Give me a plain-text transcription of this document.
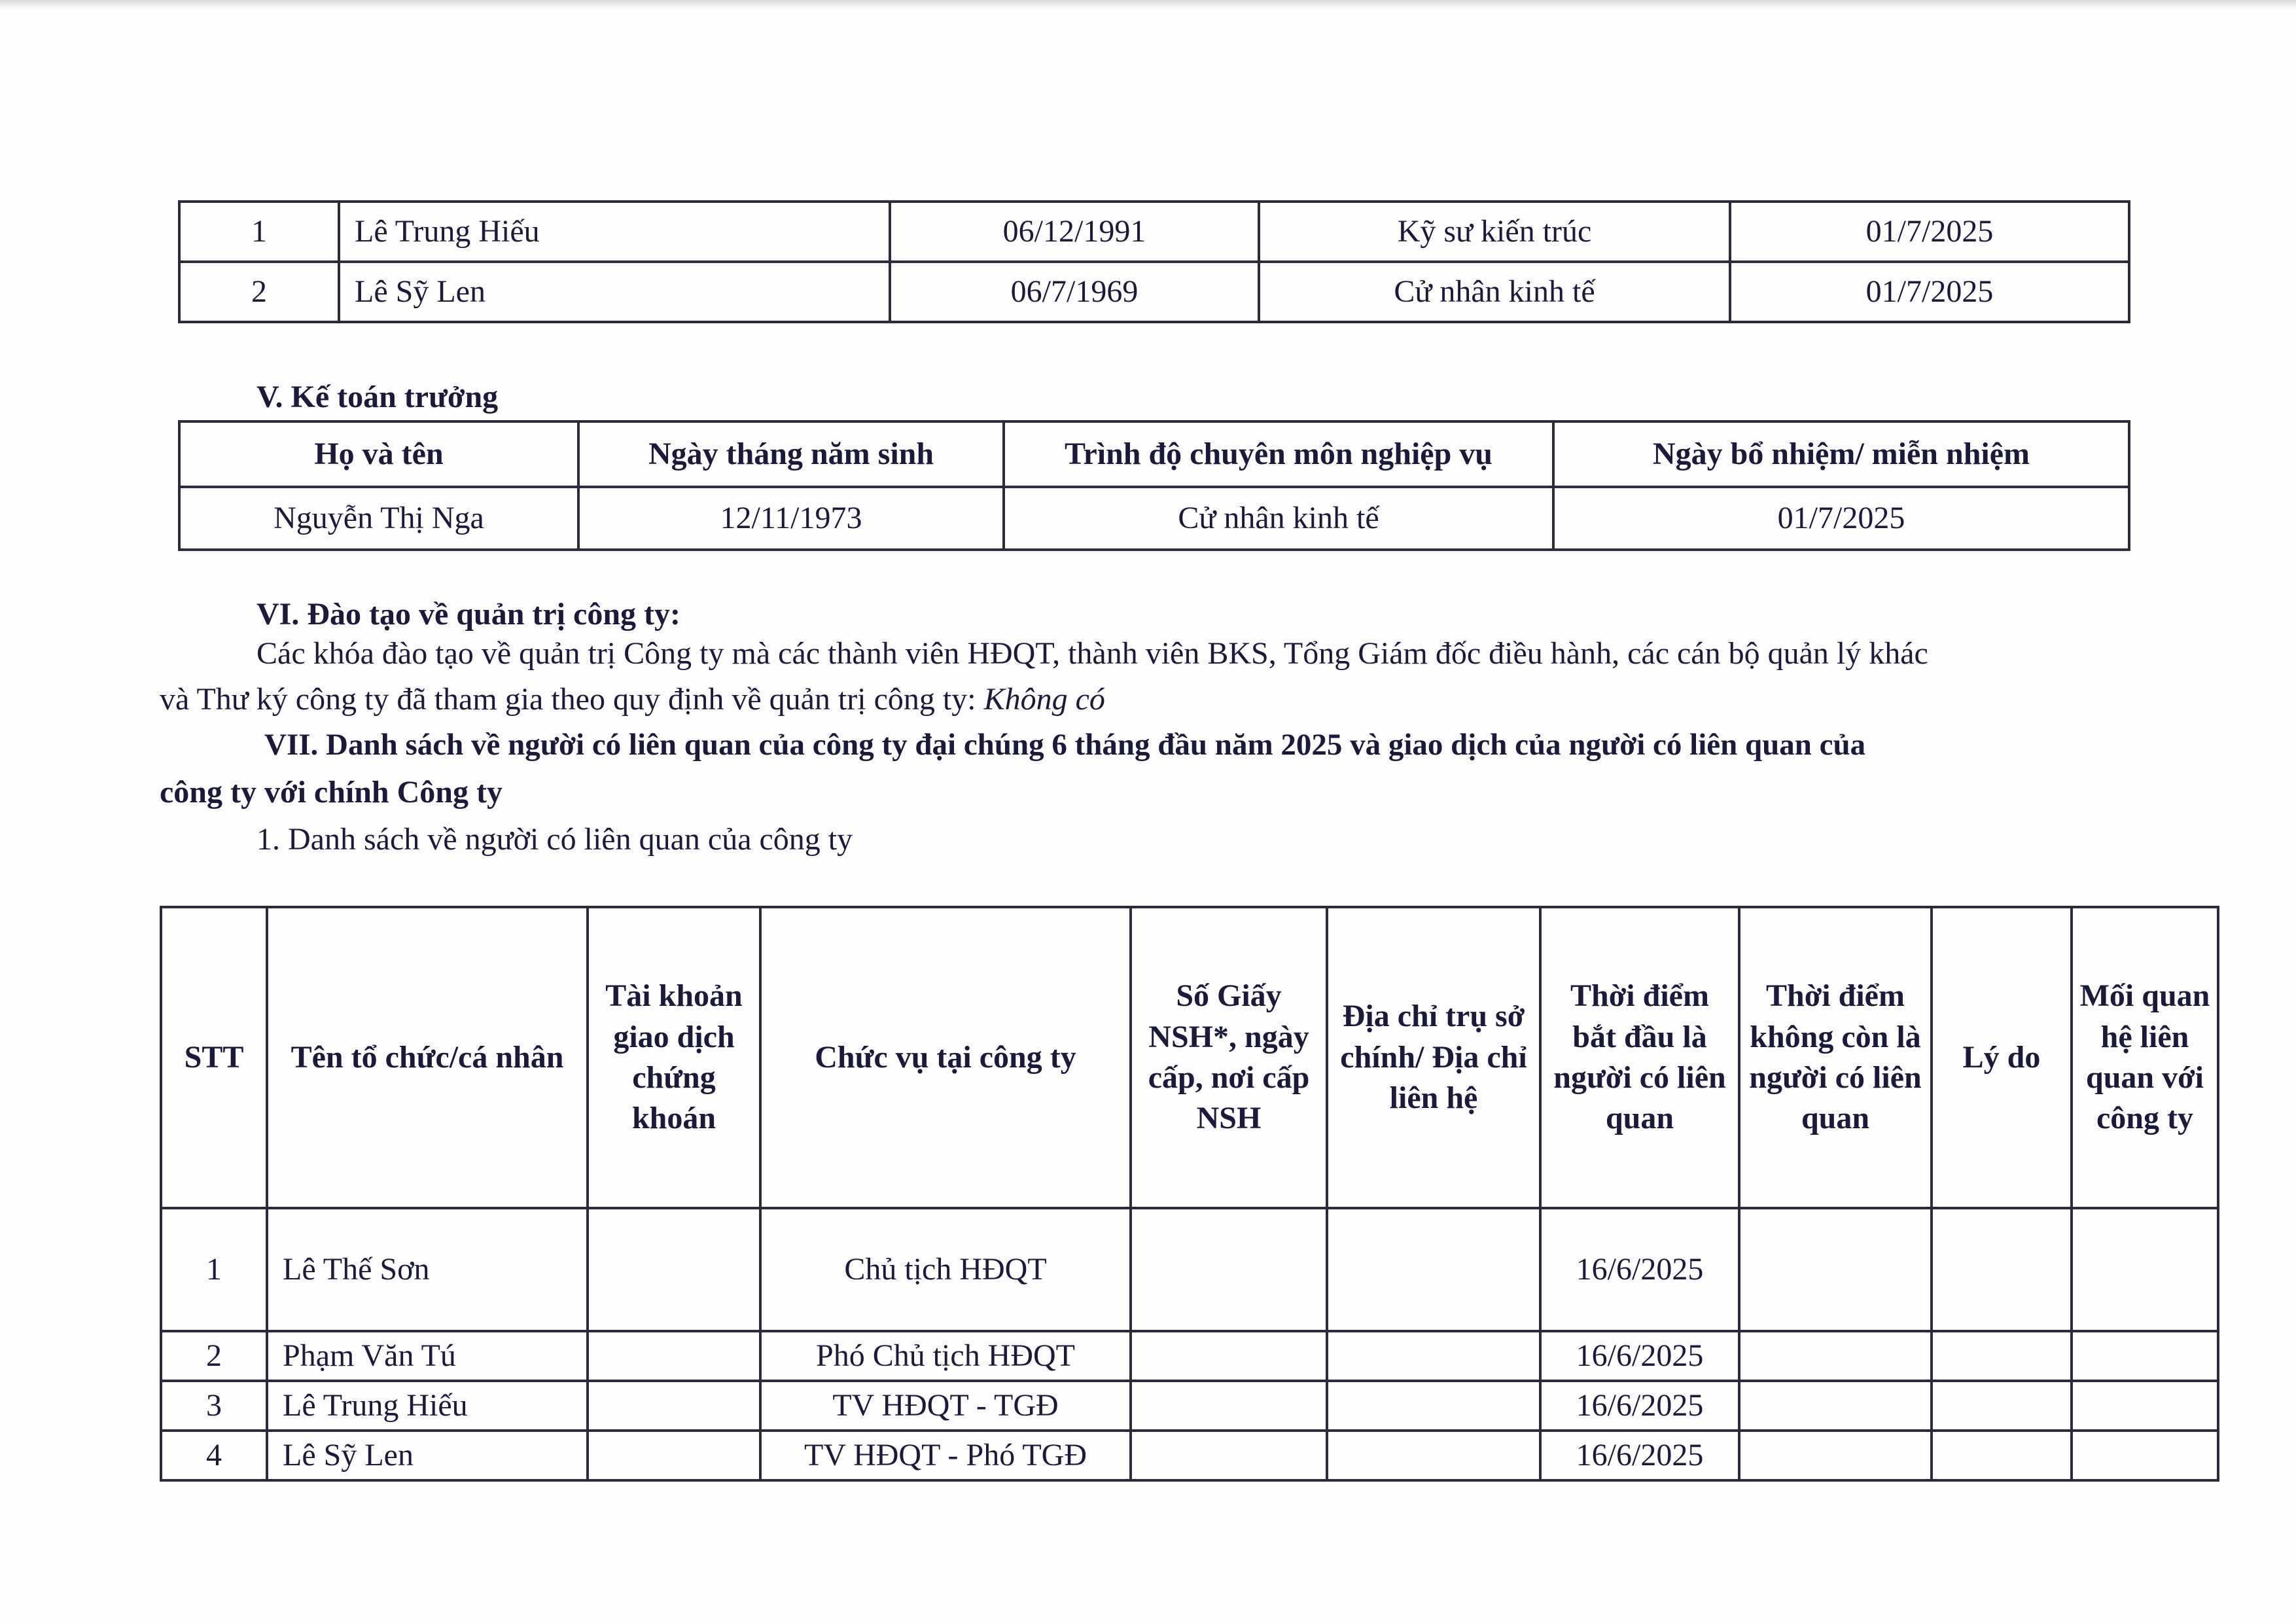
1	Lê Trung Hiếu	06/12/1991	Kỹ sư kiến trúc	01/7/2025
2	Lê Sỹ Len	06/7/1969	Cử nhân kinh tế	01/7/2025
V. Kế toán trưởng
Họ và tên	Ngày tháng năm sinh	Trình độ chuyên môn nghiệp vụ	Ngày bổ nhiệm/ miễn nhiệm
Nguyễn Thị Nga	12/11/1973	Cử nhân kinh tế	01/7/2025
VI. Đào tạo về quản trị công ty:
Các khóa đào tạo về quản trị Công ty mà các thành viên HĐQT, thành viên BKS, Tổng Giám đốc điều hành, các cán bộ quản lý khác
và Thư ký công ty đã tham gia theo quy định về quản trị công ty: Không có
VII. Danh sách về người có liên quan của công ty đại chúng 6 tháng đầu năm 2025 và giao dịch của người có liên quan của
công ty với chính Công ty
1. Danh sách về người có liên quan của công ty
STT	Tên tổ chức/cá nhân	Tài khoản giao dịch chứng khoán	Chức vụ tại công ty	Số Giấy NSH*, ngày cấp, nơi cấp NSH	Địa chỉ trụ sở chính/ Địa chỉ liên hệ	Thời điểm bắt đầu là người có liên quan	Thời điểm không còn là người có liên quan	Lý do	Mối quan hệ liên quan với công ty
1	Lê Thế Sơn		Chủ tịch HĐQT			16/6/2025			
2	Phạm Văn Tú		Phó Chủ tịch HĐQT			16/6/2025			
3	Lê Trung Hiếu		TV HĐQT - TGĐ			16/6/2025			
4	Lê Sỹ Len		TV HĐQT - Phó TGĐ			16/6/2025			
